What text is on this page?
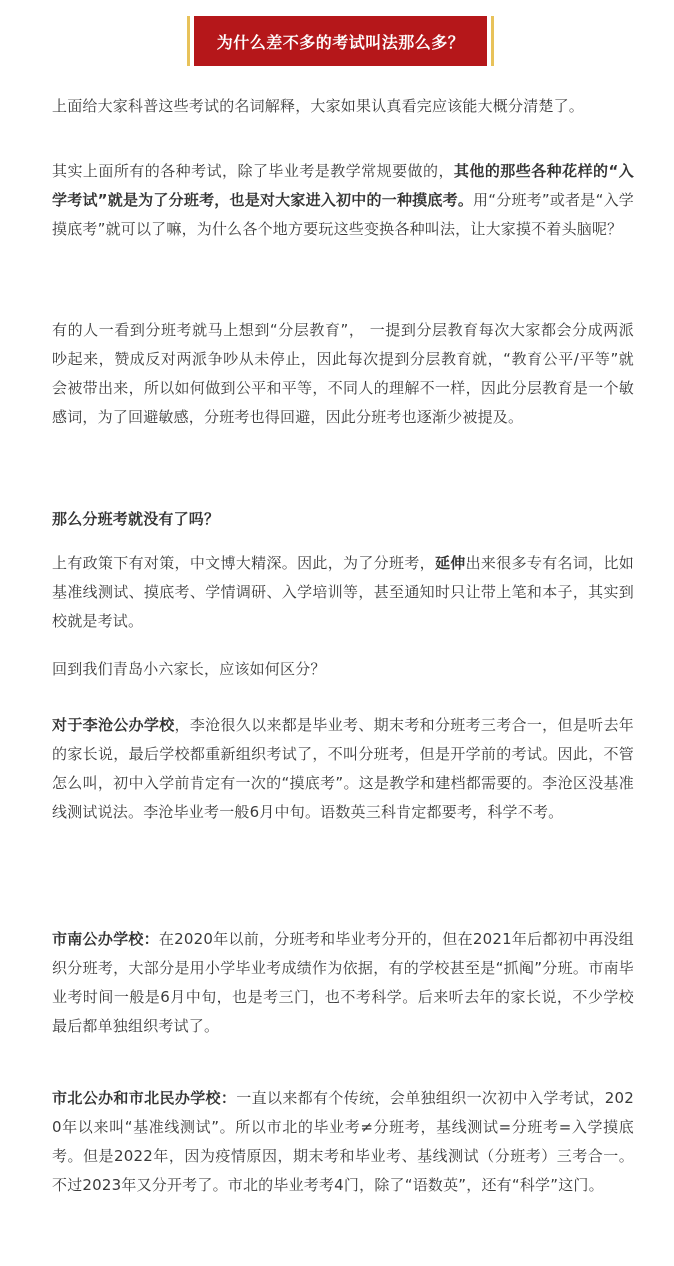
为什么差不多的考试叫法那么多？

上面给大家科普这些考试的名词解释，大家如果认真看完应该能大概分清楚了。

其实上面所有的各种考试，除了毕业考是教学常规要做的，其他的那些各种花样的“入学考试”就是为了分班考，也是对大家进入初中的一种摸底考。用“分班考”或者是“入学摸底考”就可以了嘛，为什么各个地方要玩这些变换各种叫法，让大家摸不着头脑呢？

有的人一看到分班考就马上想到“分层教育”， 一提到分层教育每次大家都会分成两派吵起来，赞成反对两派争吵从未停止，因此每次提到分层教育就，“教育公平/平等”就会被带出来，所以如何做到公平和平等，不同人的理解不一样，因此分层教育是一个敏感词，为了回避敏感，分班考也得回避，因此分班考也逐渐少被提及。

那么分班考就没有了吗？

上有政策下有对策，中文博大精深。因此，为了分班考，延伸出来很多专有名词，比如基准线测试、摸底考、学情调研、入学培训等，甚至通知时只让带上笔和本子，其实到校就是考试。

回到我们青岛小六家长，应该如何区分？

对于李沧公办学校，李沧很久以来都是毕业考、期末考和分班考三考合一，但是听去年的家长说，最后学校都重新组织考试了，不叫分班考，但是开学前的考试。因此，不管怎么叫，初中入学前肯定有一次的“摸底考”。这是教学和建档都需要的。李沧区没基准线测试说法。李沧毕业考一般6月中旬。语数英三科肯定都要考，科学不考。

市南公办学校：在2020年以前，分班考和毕业考分开的，但在2021年后都初中再没组织分班考，大部分是用小学毕业考成绩作为依据，有的学校甚至是“抓阄”分班。市南毕业考时间一般是6月中旬，也是考三门，也不考科学。后来听去年的家长说，不少学校最后都单独组织考试了。

市北公办和市北民办学校：一直以来都有个传统，会单独组织一次初中入学考试，2020年以来叫“基准线测试”。所以市北的毕业考≠分班考，基线测试=分班考=入学摸底考。但是2022年，因为疫情原因，期末考和毕业考、基线测试（分班考）三考合一。不过2023年又分开考了。市北的毕业考考4门，除了“语数英”，还有“科学”这门。
